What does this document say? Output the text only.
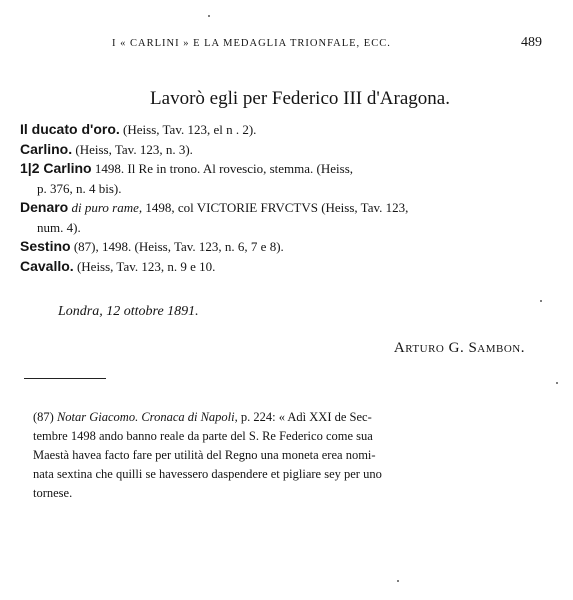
I « CARLINI » E LA MEDAGLIA TRIONFALE, ECC.	489
Lavorò egli per Federico III d'Aragona.

Il ducato d'oro. (Heiss, Tav. 123, el n . 2).

Carlino. (Heiss, Tav. 123, n. 3).

1|2 Carlino 1498. Il Re in trono. Al rovescio, stemma. (Heiss,
p. 376, n. 4 bis).

Denaro di puro rame, 1498, col VICTORIE FRVCTVS (Heiss, Tav. 123,
num. 4).

Sestino (87), 1498. (Heiss, Tav. 123, n. 6, 7 e 8).

Cavallo. (Heiss, Tav. 123, n. 9 e 10.

Londra, 12 ottobre 1891.
Arturo G. Sambon.
(87) Notar Giacomo. Cronaca di Napoli, p. 224: « Adì XXI de Sec-
tembre 1498 ando banno reale da parte del S. Re Federico come sua
Maestà havea facto fare per utilità del Regno una moneta erea nomi-
nata sextina che quilli se havessero daspendere et pigliare sey per uno
tornese.
